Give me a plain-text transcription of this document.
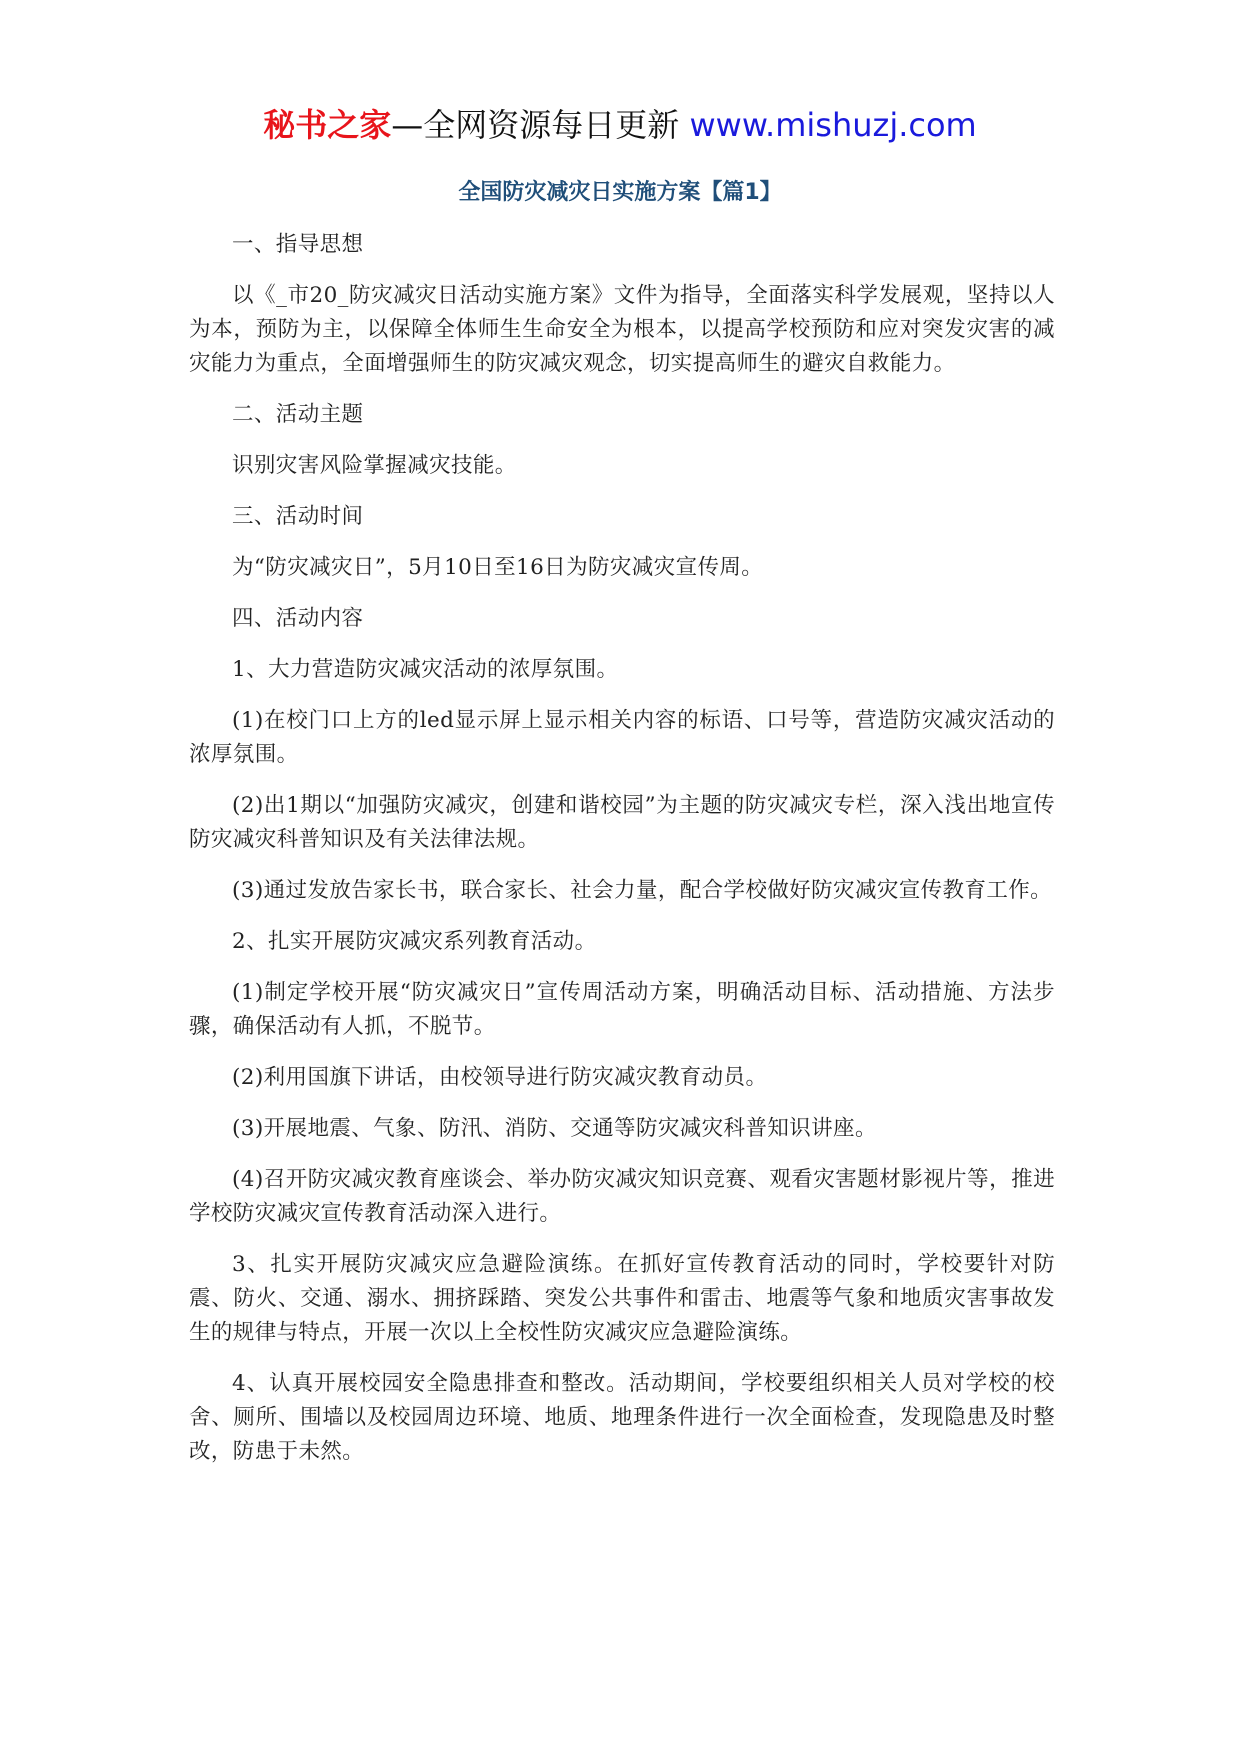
秘书之家—全网资源每日更新 www.mishuzj.com
全国防灾减灾日实施方案【篇1】

一、指导思想

以《_市20_防灾减灾日活动实施方案》文件为指导，全面落实科学发展观，坚持以人为本，预防为主，以保障全体师生生命安全为根本，以提高学校预防和应对突发灾害的减灾能力为重点，全面增强师生的防灾减灾观念，切实提高师生的避灾自救能力。

二、活动主题

识别灾害风险掌握减灾技能。

三、活动时间

为“防灾减灾日”，5月10日至16日为防灾减灾宣传周。

四、活动内容

1、大力营造防灾减灾活动的浓厚氛围。

(1)在校门口上方的led显示屏上显示相关内容的标语、口号等，营造防灾减灾活动的浓厚氛围。

(2)出1期以“加强防灾减灾，创建和谐校园”为主题的防灾减灾专栏，深入浅出地宣传防灾减灾科普知识及有关法律法规。

(3)通过发放告家长书，联合家长、社会力量，配合学校做好防灾减灾宣传教育工作。

2、扎实开展防灾减灾系列教育活动。

(1)制定学校开展“防灾减灾日”宣传周活动方案，明确活动目标、活动措施、方法步骤，确保活动有人抓，不脱节。

(2)利用国旗下讲话，由校领导进行防灾减灾教育动员。

(3)开展地震、气象、防汛、消防、交通等防灾减灾科普知识讲座。

(4)召开防灾减灾教育座谈会、举办防灾减灾知识竞赛、观看灾害题材影视片等，推进学校防灾减灾宣传教育活动深入进行。

3、扎实开展防灾减灾应急避险演练。在抓好宣传教育活动的同时，学校要针对防震、防火、交通、溺水、拥挤踩踏、突发公共事件和雷击、地震等气象和地质灾害事故发生的规律与特点，开展一次以上全校性防灾减灾应急避险演练。

4、认真开展校园安全隐患排查和整改。活动期间，学校要组织相关人员对学校的校舍、厕所、围墙以及校园周边环境、地质、地理条件进行一次全面检查，发现隐患及时整改，防患于未然。
